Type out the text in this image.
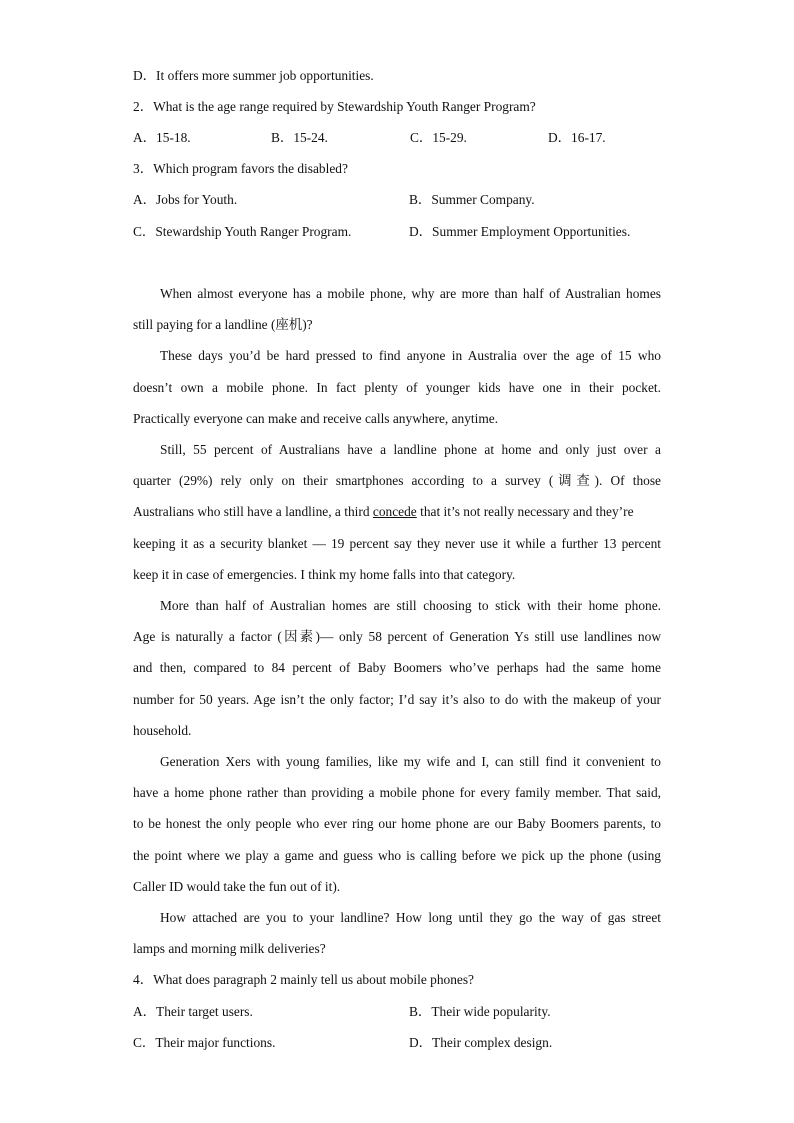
D．It offers more summer job opportunities.
2．What is the age range required by Stewardship Youth Ranger Program?
A．15-18.	B．15-24.	C．15-29.	D．16-17.
3．Which program favors the disabled?
A．Jobs for Youth.	B．Summer Company.
C．Stewardship Youth Ranger Program.	D．Summer Employment Opportunities.
When almost everyone has a mobile phone, why are more than half of Australian homes
still paying for a landline (座机)?
These days you’d be hard pressed to find anyone in Australia over the age of 15 who
doesn’t own a mobile phone. In fact plenty of younger kids have one in their pocket.
Practically everyone can make and receive calls anywhere, anytime.
Still, 55 percent of Australians have a landline phone at home and only just over a
quarter (29%) rely only on their smartphones according to a survey (调查). Of those
Australians who still have a landline, a third concede that it’s not really necessary and they’re
keeping it as a security blanket — 19 percent say they never use it while a further 13 percent
keep it in case of emergencies. I think my home falls into that category.
More than half of Australian homes are still choosing to stick with their home phone.
Age is naturally a factor (因素)— only 58 percent of Generation Ys still use landlines now
and then, compared to 84 percent of Baby Boomers who’ve perhaps had the same home
number for 50 years. Age isn’t the only factor; I’d say it’s also to do with the makeup of your
household.
Generation Xers with young families, like my wife and I, can still find it convenient to
have a home phone rather than providing a mobile phone for every family member. That said,
to be honest the only people who ever ring our home phone are our Baby Boomers parents, to
the point where we play a game and guess who is calling before we pick up the phone (using
Caller ID would take the fun out of it).
How attached are you to your landline? How long until they go the way of gas street
lamps and morning milk deliveries?
4．What does paragraph 2 mainly tell us about mobile phones?
A．Their target users.	B．Their wide popularity.
C．Their major functions.	D．Their complex design.
